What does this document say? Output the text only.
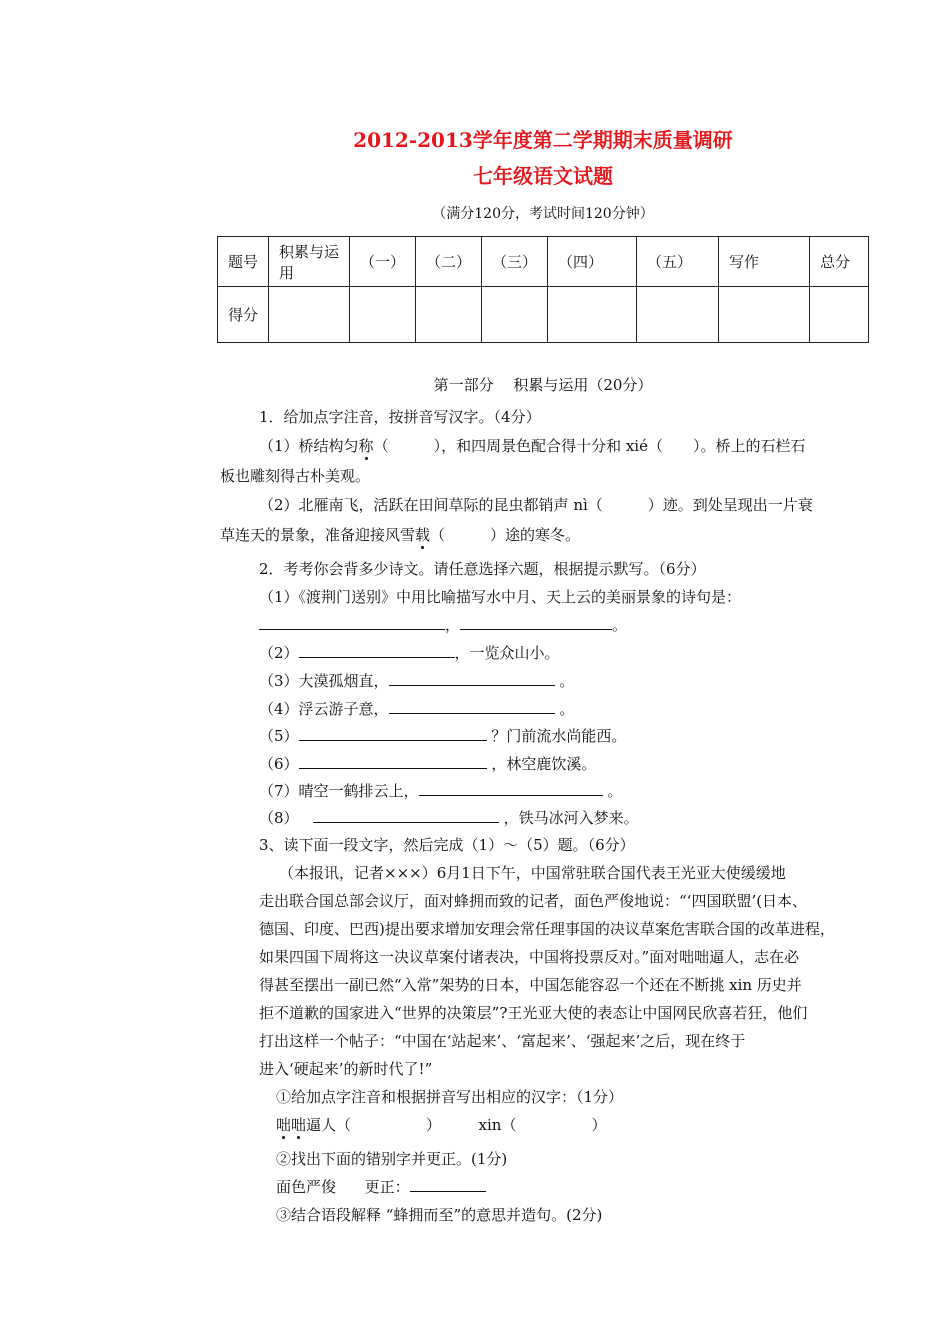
2012-2013学年度第二学期期末质量调研
七年级语文试题
（满分120分，考试时间120分钟）
题号	积累与运用	（一）	（二）	（三）	（四）	（五）	写作	总分
得分								
第一部分　 积累与运用（20分）
1．给加点字注音，按拼音写汉字。（4分）
（1）桥结构匀称（　　　），和四周景色配合得十分和 xié（　　）。桥上的石栏石
板也雕刻得古朴美观。
（2）北雁南飞，活跃在田间草际的昆虫都销声 nì（　　　）迹。到处呈现出一片衰
草连天的景象，准备迎接风雪载（　　　）途的寒冬。
2．考考你会背多少诗文。请任意选择六题，根据提示默写。（6分）
（1）《渡荆门送别》中用比喻描写水中月、天上云的美丽景象的诗句是：
，	。
（2）	，一览众山小。
（3）大漠孤烟直，	。
（4）浮云游子意，	。
（5）	？门前流水尚能西。
（6）	，林空鹿饮溪。
（7）晴空一鹤排云上，	。
（8）	，铁马冰河入梦来。
3、读下面一段文字，然后完成（1）～（5）题。（6分）
（本报讯，记者×××）6月1日下午，中国常驻联合国代表王光亚大使缓缓地
走出联合国总部会议厅，面对蜂拥而致的记者，面色严俊地说：“‘四国联盟’(日本、
德国、印度、巴西)提出要求增加安理会常任理事国的决议草案危害联合国的改革进程，
如果四国下周将这一决议草案付诸表决，中国将投票反对。”面对咄咄逼人，志在必
得甚至摆出一副已然“入常”架势的日本，中国怎能容忍一个还在不断挑 xin 历史并
拒不道歉的国家进入“世界的决策层”?王光亚大使的表态让中国网民欣喜若狂，他们
打出这样一个帖子：“中国在‘站起来’、‘富起来’、‘强起来’之后，现在终于
进入‘硬起来’的新时代了!”
①给加点字注音和根据拼音写出相应的汉字：（1分）
咄咄逼人（　　　　　）　　　xin（　　　　　）
②找出下面的错别字并更正。(1分)
面色严俊 更正：
③结合语段解释 “蜂拥而至”的意思并造句。(2分)
